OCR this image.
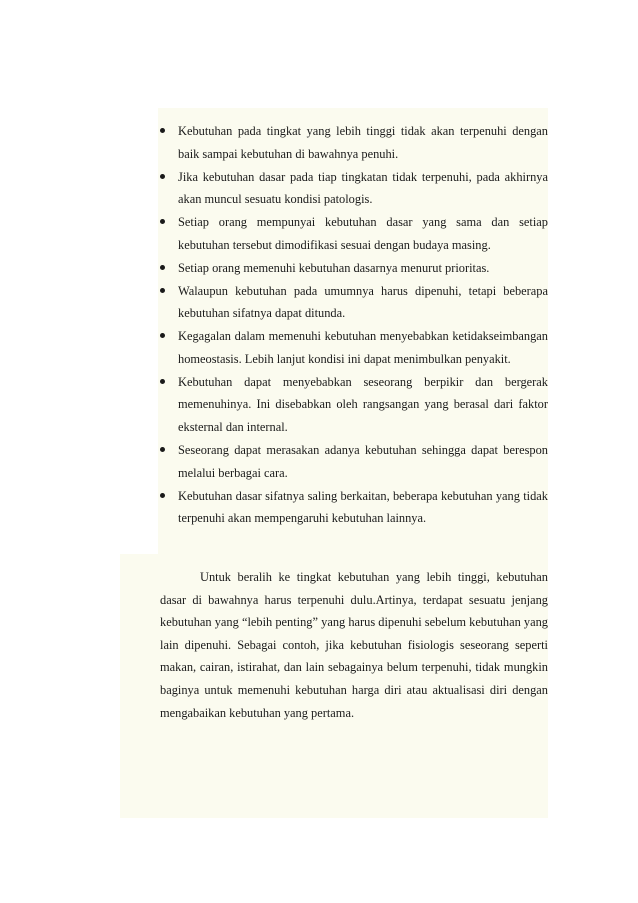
Kebutuhan pada tingkat yang lebih tinggi tidak akan terpenuhi dengan baik sampai kebutuhan di bawahnya penuhi.
Jika kebutuhan dasar pada tiap tingkatan tidak terpenuhi, pada akhirnya akan muncul sesuatu kondisi patologis.
Setiap orang mempunyai kebutuhan dasar yang sama dan setiap kebutuhan tersebut dimodifikasi sesuai dengan budaya masing.
Setiap orang memenuhi kebutuhan dasarnya menurut prioritas.
Walaupun kebutuhan pada umumnya harus dipenuhi, tetapi beberapa kebutuhan sifatnya dapat ditunda.
Kegagalan dalam memenuhi kebutuhan menyebabkan ketidakseimbangan homeostasis. Lebih lanjut kondisi ini dapat menimbulkan penyakit.
Kebutuhan dapat menyebabkan seseorang berpikir dan bergerak memenuhinya. Ini disebabkan oleh rangsangan yang berasal dari faktor eksternal dan internal.
Seseorang dapat merasakan adanya kebutuhan sehingga dapat berespon melalui berbagai cara.
Kebutuhan dasar sifatnya saling berkaitan, beberapa kebutuhan yang tidak terpenuhi akan mempengaruhi kebutuhan lainnya.

Untuk beralih ke tingkat kebutuhan yang lebih tinggi, kebutuhan dasar di bawahnya harus terpenuhi dulu.Artinya, terdapat sesuatu jenjang kebutuhan yang “lebih penting” yang harus dipenuhi sebelum kebutuhan yang lain dipenuhi. Sebagai contoh, jika kebutuhan fisiologis seseorang seperti makan, cairan, istirahat, dan lain sebagainya belum terpenuhi, tidak mungkin baginya untuk memenuhi kebutuhan harga diri atau aktualisasi diri dengan mengabaikan kebutuhan yang pertama.
